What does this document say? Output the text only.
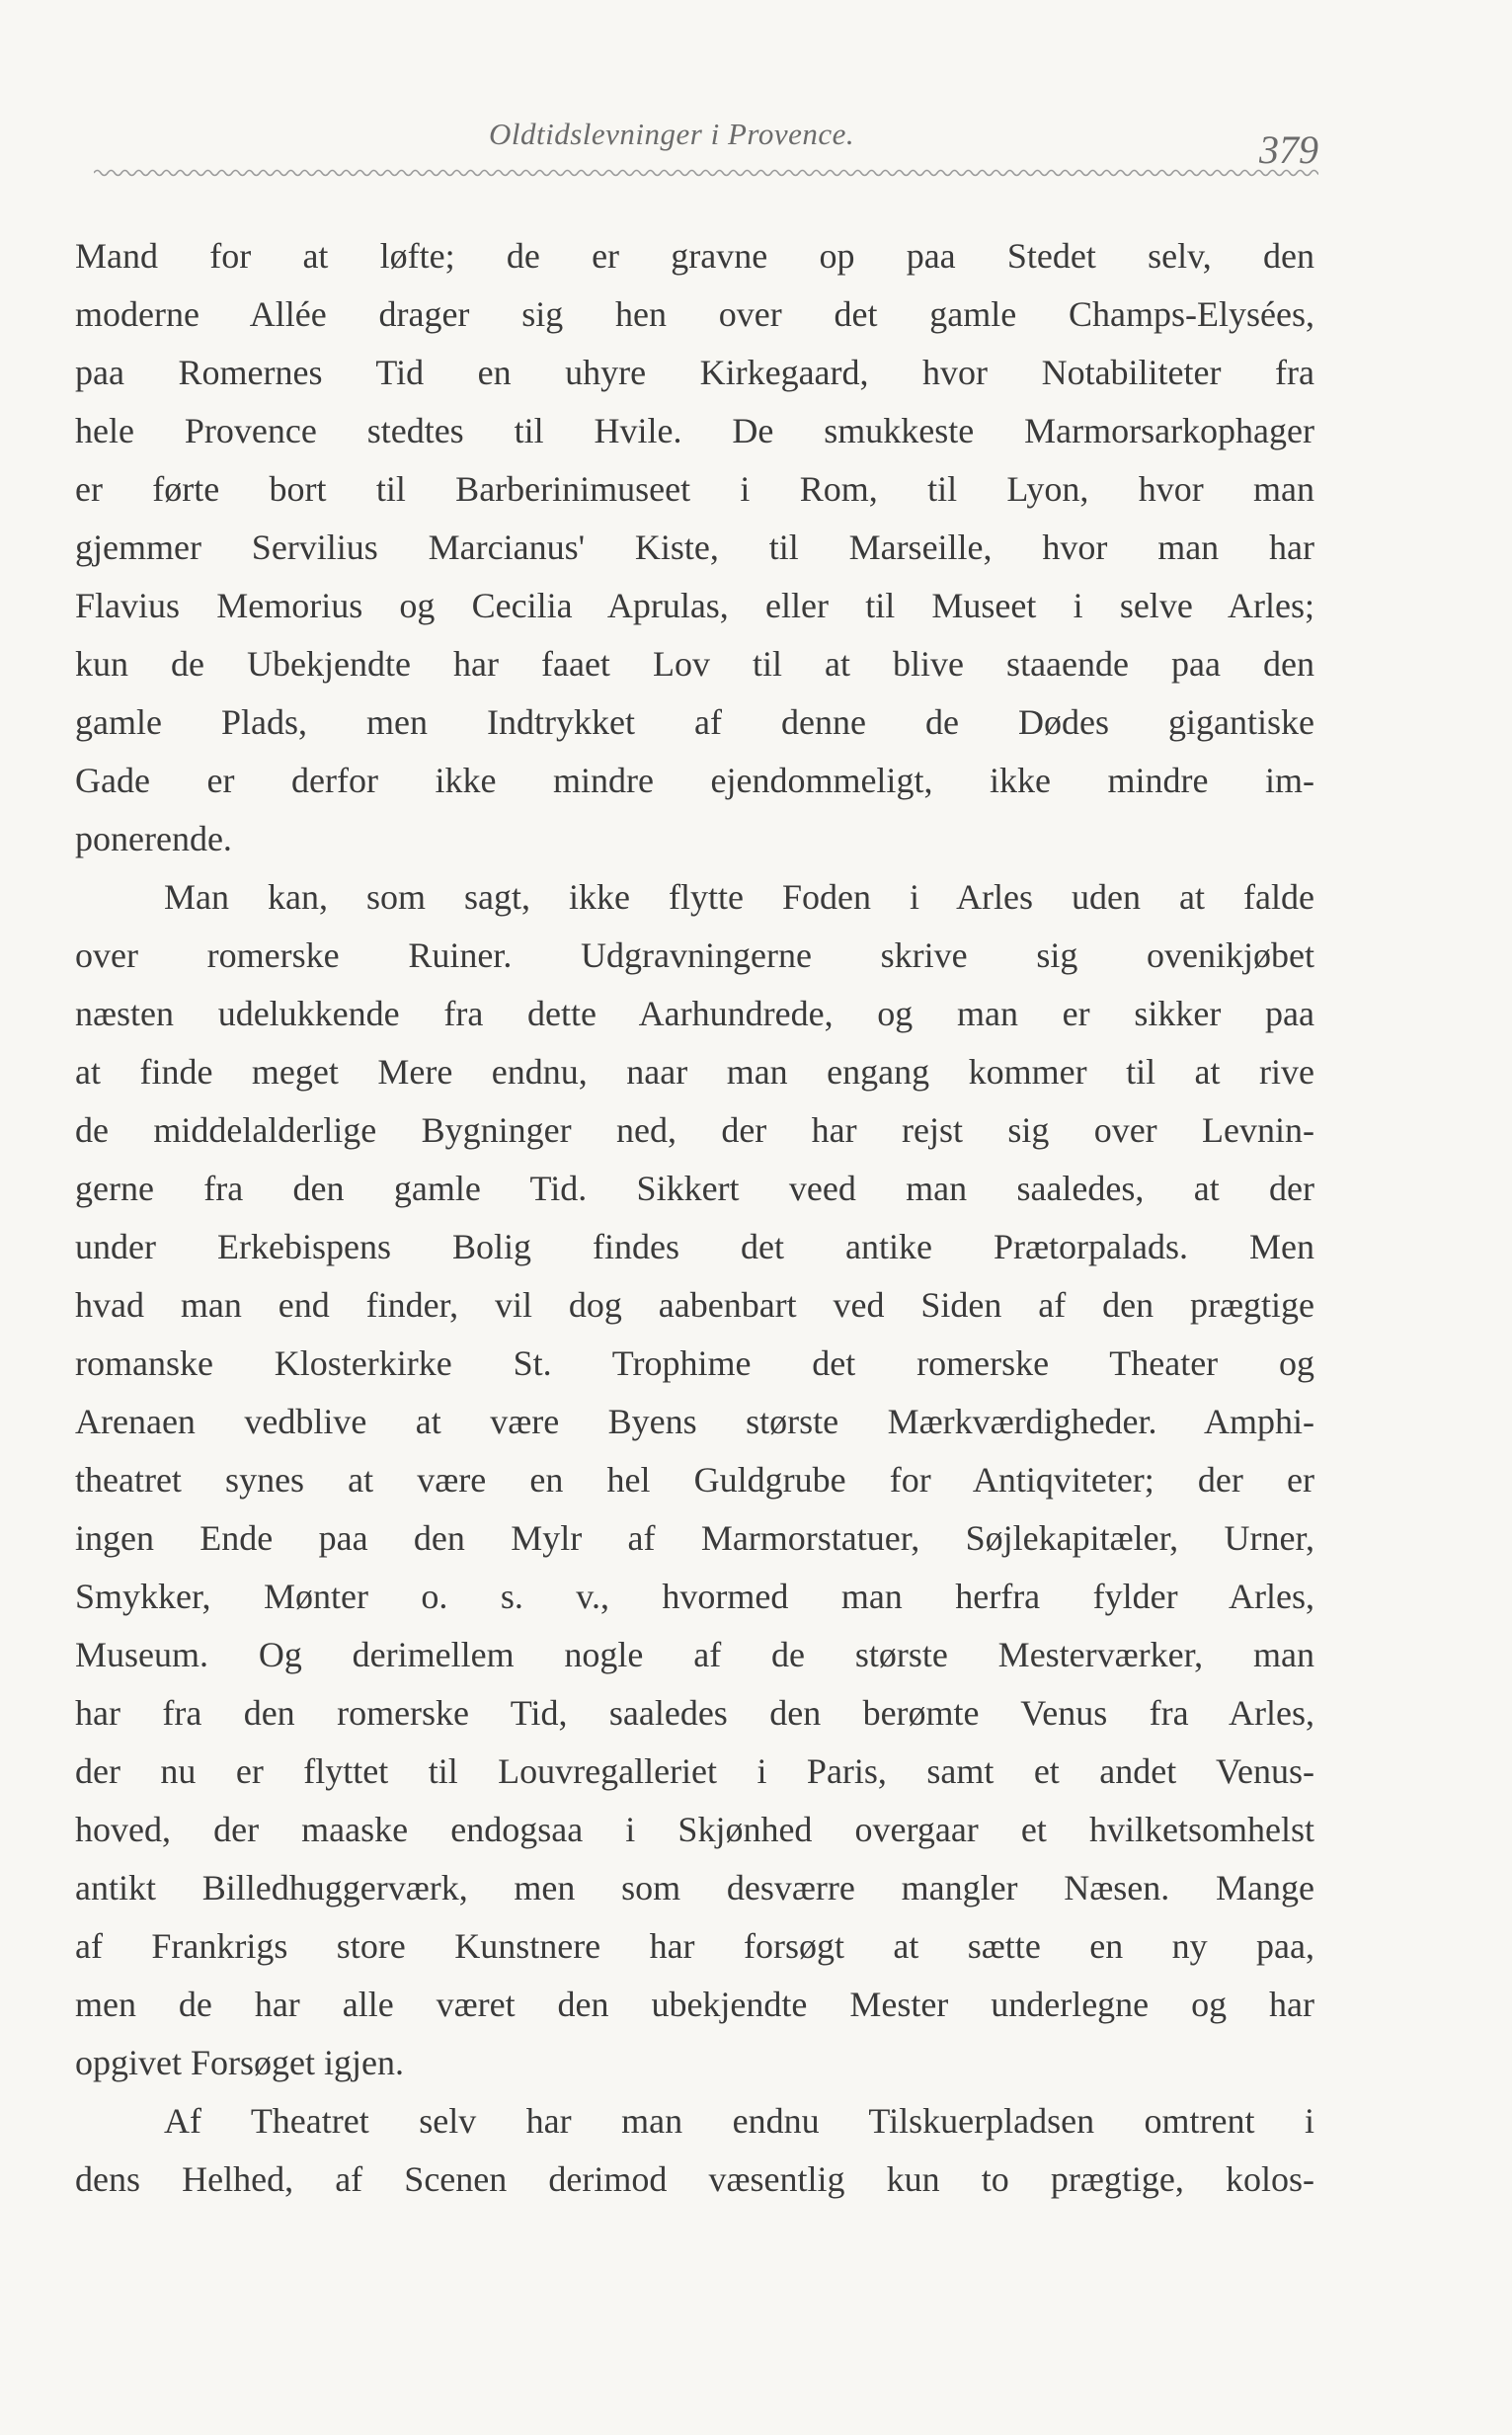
Oldtidslevninger i Provence.	379
Mand for at løfte; de er gravne op paa Stedet selv, den
moderne Allée drager sig hen over det gamle Champs-Elysées,
paa Romernes Tid en uhyre Kirkegaard, hvor Notabiliteter fra
hele Provence stedtes til Hvile. De smukkeste Marmorsarkophager
er førte bort til Barberinimuseet i Rom, til Lyon, hvor man
gjemmer Servilius Marcianus' Kiste, til Marseille, hvor man har
Flavius Memorius og Cecilia Aprulas, eller til Museet i selve Arles;
kun de Ubekjendte har faaet Lov til at blive staaende paa den
gamle Plads, men Indtrykket af denne de Dødes gigantiske
Gade er derfor ikke mindre ejendommeligt, ikke mindre im-
ponerende.
Man kan, som sagt, ikke flytte Foden i Arles uden at falde
over romerske Ruiner. Udgravningerne skrive sig ovenikjøbet
næsten udelukkende fra dette Aarhundrede, og man er sikker paa
at finde meget Mere endnu, naar man engang kommer til at rive
de middelalderlige Bygninger ned, der har rejst sig over Levnin-
gerne fra den gamle Tid. Sikkert veed man saaledes, at der
under Erkebispens Bolig findes det antike Prætorpalads. Men
hvad man end finder, vil dog aabenbart ved Siden af den prægtige
romanske Klosterkirke St. Trophime det romerske Theater og
Arenaen vedblive at være Byens største Mærkværdigheder. Amphi-
theatret synes at være en hel Guldgrube for Antiqviteter; der er
ingen Ende paa den Mylr af Marmorstatuer, Søjlekapitæler, Urner,
Smykker, Mønter o. s. v., hvormed man herfra fylder Arles,
Museum. Og derimellem nogle af de største Mesterværker, man
har fra den romerske Tid, saaledes den berømte Venus fra Arles,
der nu er flyttet til Louvregalleriet i Paris, samt et andet Venus-
hoved, der maaske endogsaa i Skjønhed overgaar et hvilketsomhelst
antikt Billedhuggerværk, men som desværre mangler Næsen. Mange
af Frankrigs store Kunstnere har forsøgt at sætte en ny paa,
men de har alle været den ubekjendte Mester underlegne og har
opgivet Forsøget igjen.
Af Theatret selv har man endnu Tilskuerpladsen omtrent i
dens Helhed, af Scenen derimod væsentlig kun to prægtige, kolos-
